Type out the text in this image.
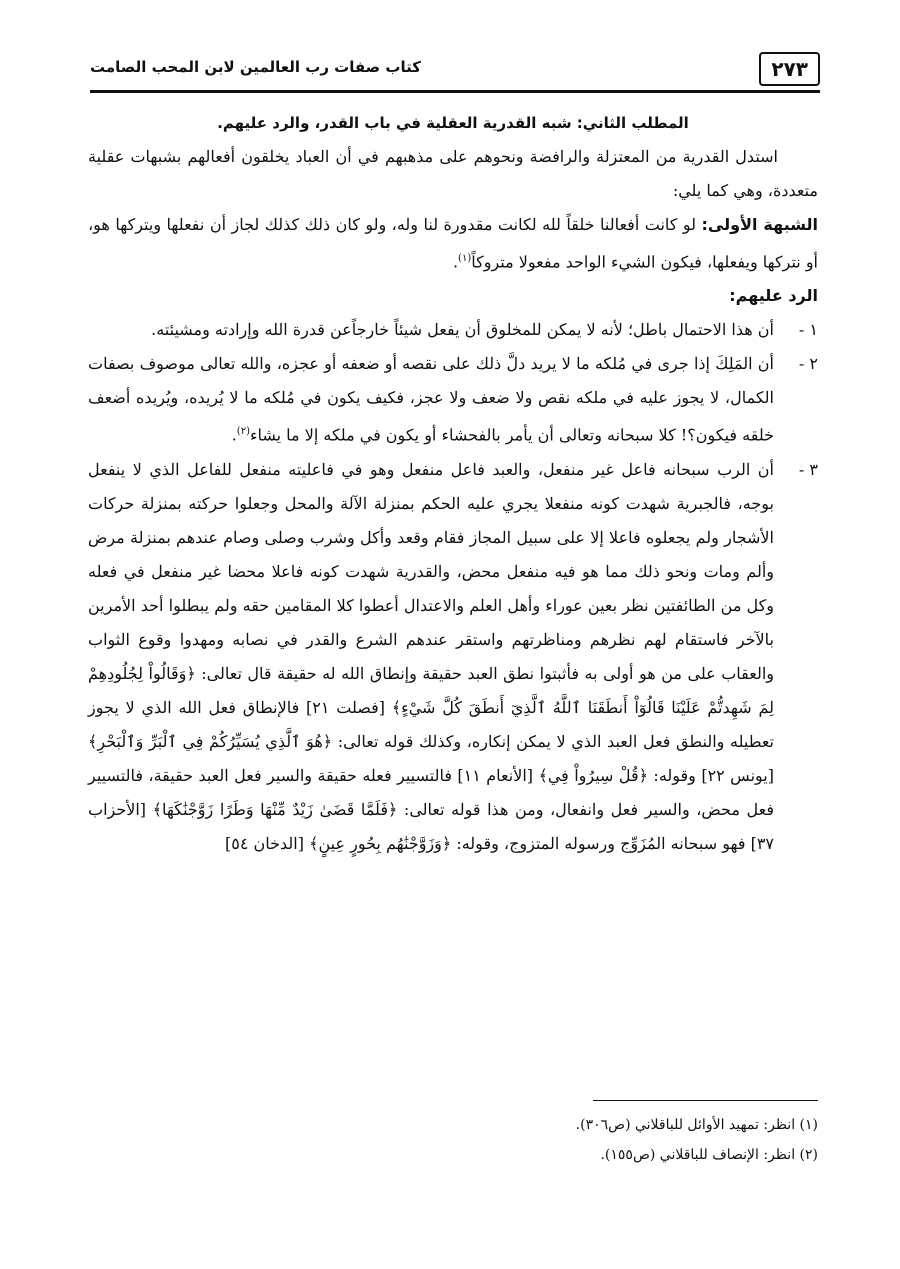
٢٧٣
كتاب صفات رب العالمين لابن المحب الصامت
المطلب الثاني: شبه القدرية العقلية في باب القدر، والرد عليهم.

استدل القدرية من المعتزلة والرافضة ونحوهم على مذهبهم في أن العباد يخلقون أفعالهم بشبهات عقلية متعددة، وهي كما يلي:

الشبهة الأولى: لو كانت أفعالنا خلقاً لله لكانت مقدورة لنا وله، ولو كان ذلك كذلك لجاز أن نفعلها ويتركها هو، أو نتركها ويفعلها، فيكون الشيء الواحد مفعولا متروكاً$^{(١)}$.

الرد عليهم:

١ -
أن هذا الاحتمال باطل؛ لأنه لا يمكن للمخلوق أن يفعل شيئاً خارجاًعن قدرة الله وإرادته ومشيئته.
٢ -
أن المَلِكَ إذا جرى في مُلكه ما لا يريد دلَّ ذلك على نقصه أو ضعفه أو عجزه، والله تعالى موصوف بصفات الكمال، لا يجوز عليه في ملكه نقص ولا ضعف ولا عجز، فكيف يكون في مُلكه ما لا يُريده، ويُريده أضعف خلقه فيكون؟! كلا سبحانه وتعالى أن يأمر بالفحشاء أو يكون في ملكه إلا ما يشاء$^{(٢)}$.
٣ -
أن الرب سبحانه فاعل غير منفعل، والعبد فاعل منفعل وهو في فاعليته منفعل للفاعل الذي لا ينفعل بوجه، فالجبرية شهدت كونه منفعلا يجري عليه الحكم بمنزلة الآلة والمحل وجعلوا حركته بمنزلة حركات الأشجار ولم يجعلوه فاعلا إلا على سبيل المجاز فقام وقعد وأكل وشرب وصلى وصام عندهم بمنزلة مرض وألم ومات ونحو ذلك مما هو فيه منفعل محض، والقدرية شهدت كونه فاعلا محضا غير منفعل في فعله وكل من الطائفتين نظر بعين عوراء وأهل العلم والاعتدال أعطوا كلا المقامين حقه ولم يبطلوا أحد الأمرين بالآخر فاستقام لهم نظرهم ومناظرتهم واستقر عندهم الشرع والقدر في نصابه ومهدوا وقوع الثواب والعقاب على من هو أولى به فأثبتوا نطق العبد حقيقة وإنطاق الله له حقيقة قال تعالى: ﴿وَقَالُواْ لِجُلُودِهِمْ لِمَ شَهِدتُّمْ عَلَيْنَا قَالُوٓاْ أَنطَقَنَا ٱللَّهُ ٱلَّذِيٓ أَنطَقَ كُلَّ شَيْءٍ﴾ [فصلت ٢١] فالإنطاق فعل الله الذي لا يجوز تعطيله والنطق فعل العبد الذي لا يمكن إنكاره، وكذلك قوله تعالى: ﴿هُوَ ٱلَّذِي يُسَيِّرُكُمْ فِي ٱلْبَرِّ وَٱلْبَحْرِ﴾ [يونس ٢٢] وقوله: ﴿قُلْ سِيرُواْ فِي﴾ [الأنعام ١١] فالتسيير فعله حقيقة والسير فعل العبد حقيقة، فالتسيير فعل محض، والسير فعل وانفعال، ومن هذا قوله تعالى: ﴿فَلَمَّا قَضَىٰ زَيْدٌ مِّنْهَا وَطَرًا زَوَّجْنَٰكَهَا﴾ [الأحزاب ٣٧] فهو سبحانه المُزَوِّج ورسوله المتزوج، وقوله: ﴿وَزَوَّجْنَٰهُم بِحُورٍ عِينٍ﴾ [الدخان ٥٤]
(١) انظر: تمهيد الأوائل للباقلاني (ص٣٠٦).
(٢) انظر: الإنصاف للباقلاني (ص١٥٥).
